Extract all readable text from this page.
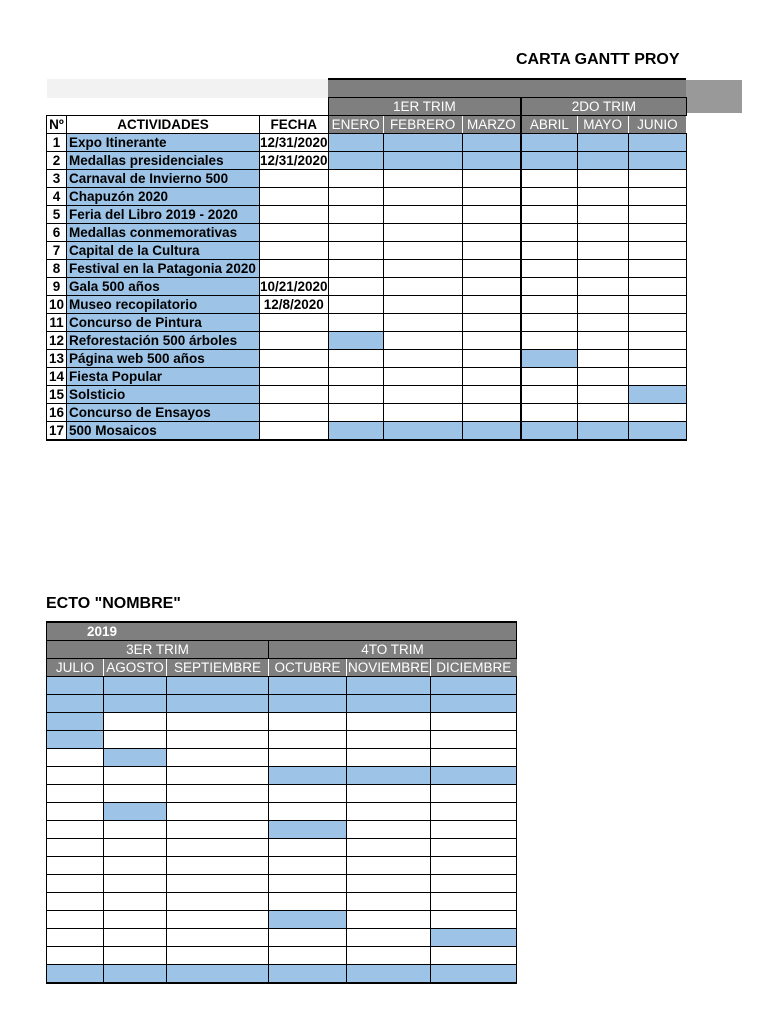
CARTA GANTT PROY

			1ER TRIM			2DO TRIM		
Nº	ACTIVIDADES	FECHA	ENERO	FEBRERO	MARZO	ABRIL	MAYO	JUNIO
1	Expo Itinerante	12/31/2020						
2	Medallas presidenciales	12/31/2020						
3	Carnaval de Invierno 500							
4	Chapuzón 2020							
5	Feria del Libro 2019 - 2020							
6	Medallas conmemorativas							
7	Capital de la Cultura							
8	Festival en la Patagonia 2020							
9	Gala 500 años	10/21/2020						
10	Museo recopilatorio	12/8/2020						
11	Concurso de Pintura							
12	Reforestación 500 árboles							
13	Página web 500 años							
14	Fiesta Popular							
15	Solsticio							
16	Concurso de Ensayos							
17	500 Mosaicos							
ECTO "NOMBRE"
2019					
3ER TRIM			4TO TRIM		
JULIO	AGOSTO	SEPTIEMBRE	OCTUBRE	NOVIEMBRE	DICIEMBRE
